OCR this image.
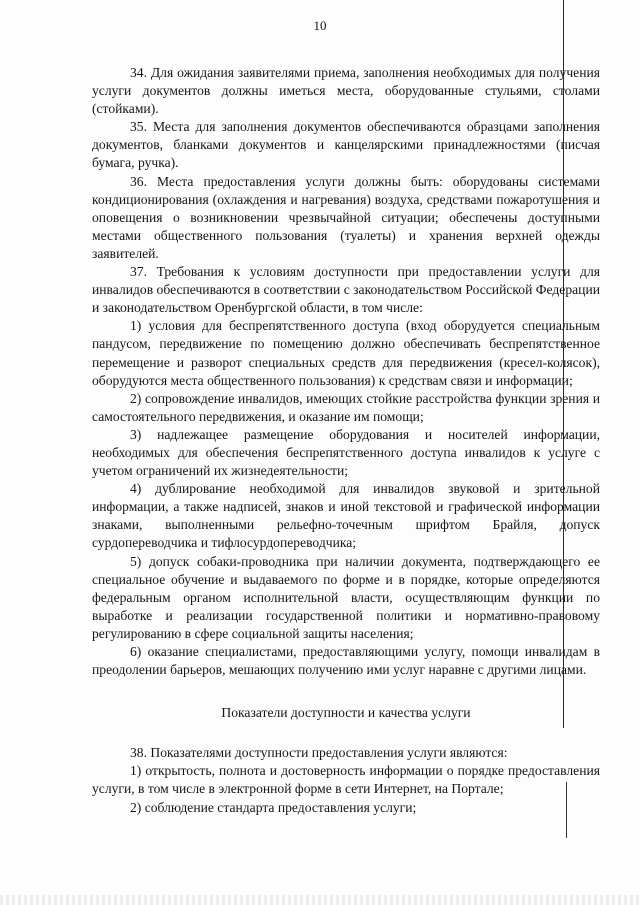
10

34. Для ожидания заявителями приема, заполнения необходимых для получения услуги документов должны иметься места, оборудованные стульями, столами (стойками).

35. Места для заполнения документов обеспечиваются образцами заполнения документов, бланками документов и канцелярскими принадлежностями (писчая бумага, ручка).

36. Места предоставления услуги должны быть: оборудованы системами кондиционирования (охлаждения и нагревания) воздуха, средствами пожаротушения и оповещения о возникновении чрезвычайной ситуации; обеспечены доступными местами общественного пользования (туалеты) и хранения верхней одежды заявителей.

37. Требования к условиям доступности при предоставлении услуги для инвалидов обеспечиваются в соответствии с законодательством Российской Федерации и законодательством Оренбургской области, в том числе:

1) условия для беспрепятственного доступа (вход оборудуется специальным пандусом, передвижение по помещению должно обеспечивать беспрепятственное перемещение и разворот специальных средств для передвижения (кресел-колясок), оборудуются места общественного пользования) к средствам связи и информации;

2) сопровождение инвалидов, имеющих стойкие расстройства функции зрения и самостоятельного передвижения, и оказание им помощи;

3) надлежащее размещение оборудования и носителей информации, необходимых для обеспечения беспрепятственного доступа инвалидов к услуге с учетом ограничений их жизнедеятельности;

4) дублирование необходимой для инвалидов звуковой и зрительной информации, а также надписей, знаков и иной текстовой и графической информации знаками, выполненными рельефно-точечным шрифтом Брайля, допуск сурдопереводчика и тифлосурдопереводчика;

5) допуск собаки-проводника при наличии документа, подтверждающего ее специальное обучение и выдаваемого по форме и в порядке, которые определяются федеральным органом исполнительной власти, осуществляющим функции по выработке и реализации государственной политики и нормативно-правовому регулированию в сфере социальной защиты населения;

6) оказание специалистами, предоставляющими услугу, помощи инвалидам в преодолении барьеров, мешающих получению ими услуг наравне с другими лицами.

Показатели доступности и качества услуги

38. Показателями доступности предоставления услуги являются:

1) открытость, полнота и достоверность информации о порядке предоставления услуги, в том числе в электронной форме в сети Интернет, на Портале;

2) соблюдение стандарта предоставления услуги;
